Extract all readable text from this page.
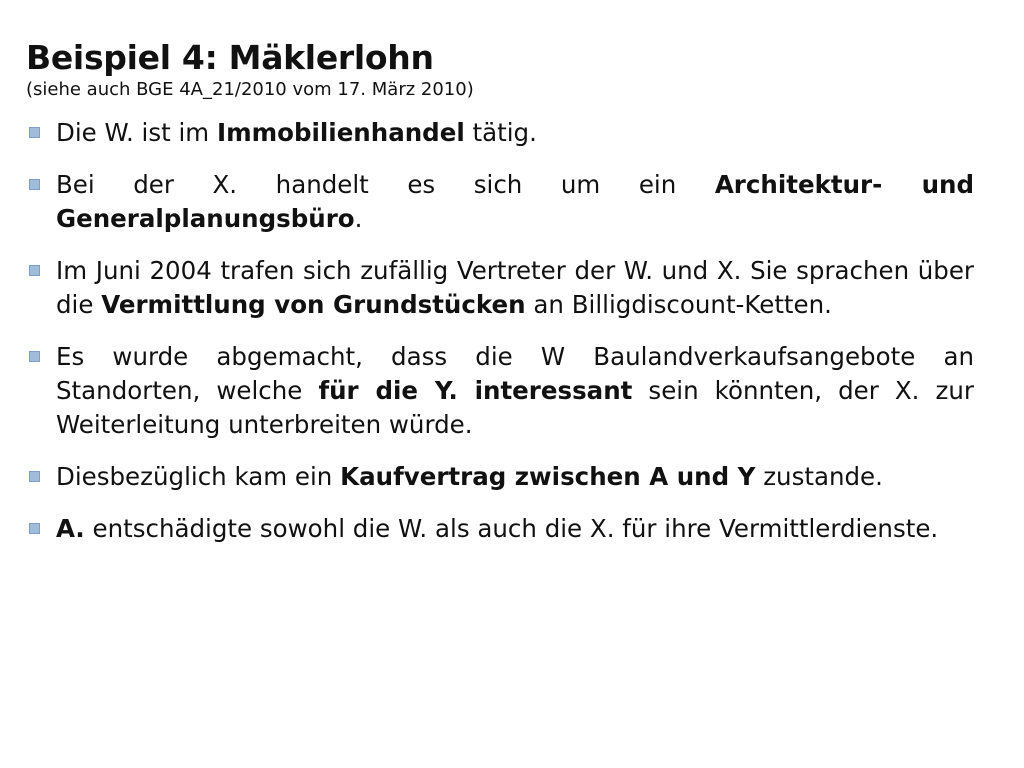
Beispiel 4: Mäklerlohn

(siehe auch BGE 4A_21/2010 vom 17. März 2010)

Die W. ist im Immobilienhandel tätig.
Bei der X. handelt es sich um ein Architektur- und Generalplanungsbüro.
Im Juni 2004 trafen sich zufällig Vertreter der W. und X. Sie sprachen über die Vermittlung von Grundstücken an Billigdiscount-Ketten.
Es wurde abgemacht, dass die W Baulandverkaufsangebote an Standorten, welche für die Y. interessant sein könnten, der X. zur Weiterleitung unterbreiten würde.
Diesbezüglich kam ein Kaufvertrag zwischen A und Y zustande.
A. entschädigte sowohl die W. als auch die X. für ihre Vermittlerdienste.
